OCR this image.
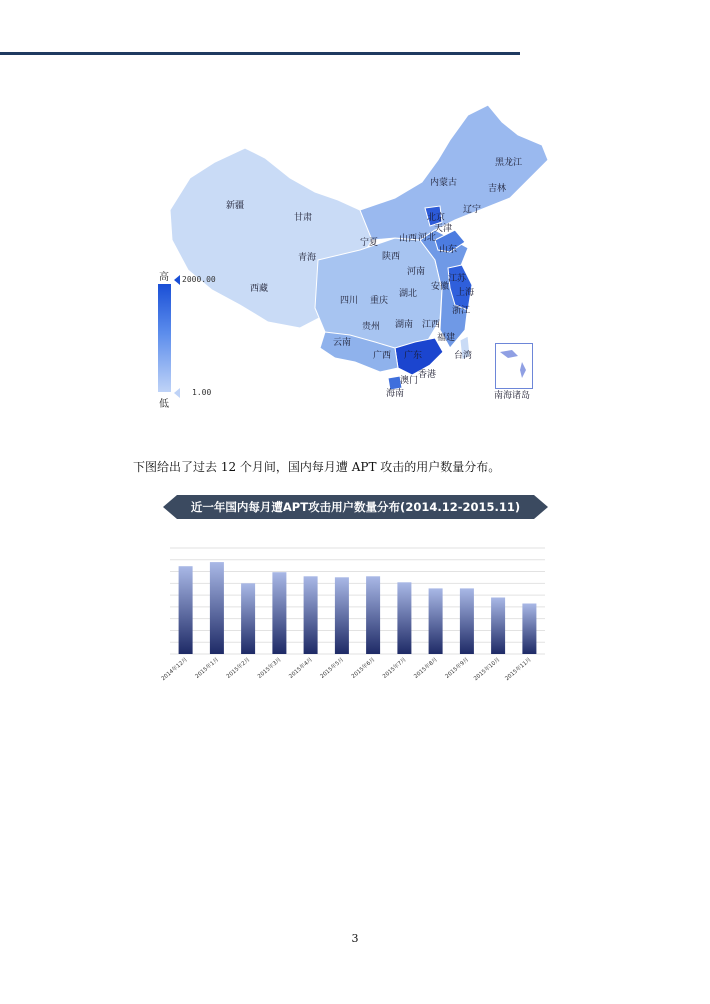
黑龙江
吉林
辽宁
内蒙古
新疆
甘肃	北京
天津
宁夏 山西 河北
青海	陕西
山东
河南
江苏
安徽
上海
西藏
四川 重庆
湖北
浙江
贵州 湖南 江西
福建
云南
广西 广东	台湾
澳门
香港
海南	南海诸岛
高 2000.00
1.00
低
下图给出了过去 12 个月间，国内每月遭 APT 攻击的用户数量分布。
近一年国内每月遭APT攻击用户数量分布(2014.12-2015.11)
2014年12月 2015年1月 2015年2月 2015年3月 2015年4月 2015年5月 2015年6月 2015年7月 2015年8月 2015年9月 2015年10月 2015年11月
3
